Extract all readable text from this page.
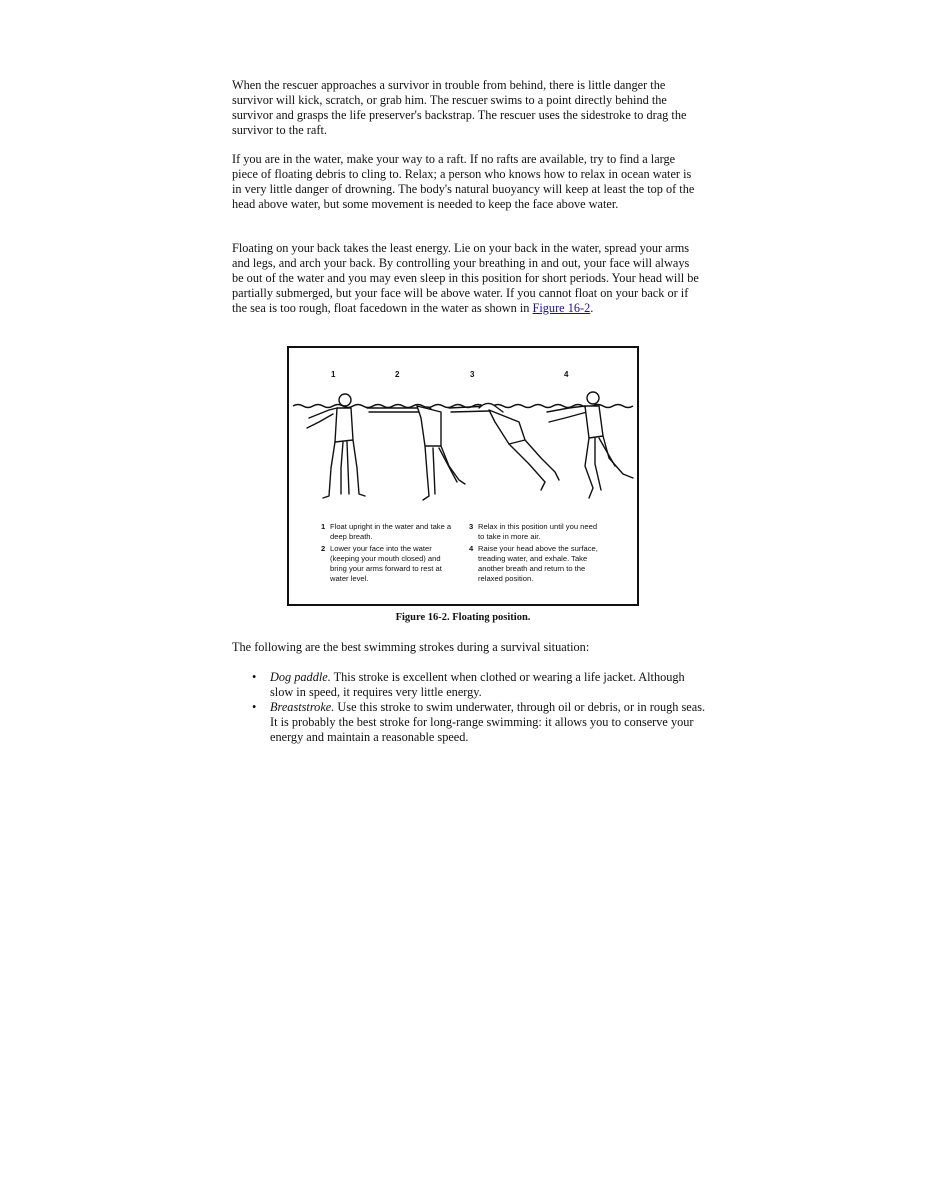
When the rescuer approaches a survivor in trouble from behind, there is little danger the survivor will kick, scratch, or grab him. The rescuer swims to a point directly behind the survivor and grasps the life preserver's backstrap. The rescuer uses the sidestroke to drag the survivor to the raft.

If you are in the water, make your way to a raft. If no rafts are available, try to find a large piece of floating debris to cling to. Relax; a person who knows how to relax in ocean water is in very little danger of drowning. The body's natural buoyancy will keep at least the top of the head above water, but some movement is needed to keep the face above water.

Floating on your back takes the least energy. Lie on your back in the water, spread your arms and legs, and arch your back. By controlling your breathing in and out, your face will always be out of the water and you may even sleep in this position for short periods. Your head will be partially submerged, but your face will be above water. If you cannot float on your back or if the sea is too rough, float facedown in the water as shown in Figure 16-2.

1	2	3	4
1 Float upright in the water and take a deep breath.
2 Lower your face into the water (keeping your mouth closed) and bring your arms forward to rest at water level.
3 Relax in this position until you need to take in more air.
4 Raise your head above the surface, treading water, and exhale. Take another breath and return to the relaxed position.
Figure 16-2. Floating position.
The following are the best swimming strokes during a survival situation:
• Dog paddle. This stroke is excellent when clothed or wearing a life jacket. Although slow in speed, it requires very little energy.
• Breaststroke. Use this stroke to swim underwater, through oil or debris, or in rough seas. It is probably the best stroke for long-range swimming: it allows you to conserve your energy and maintain a reasonable speed.
